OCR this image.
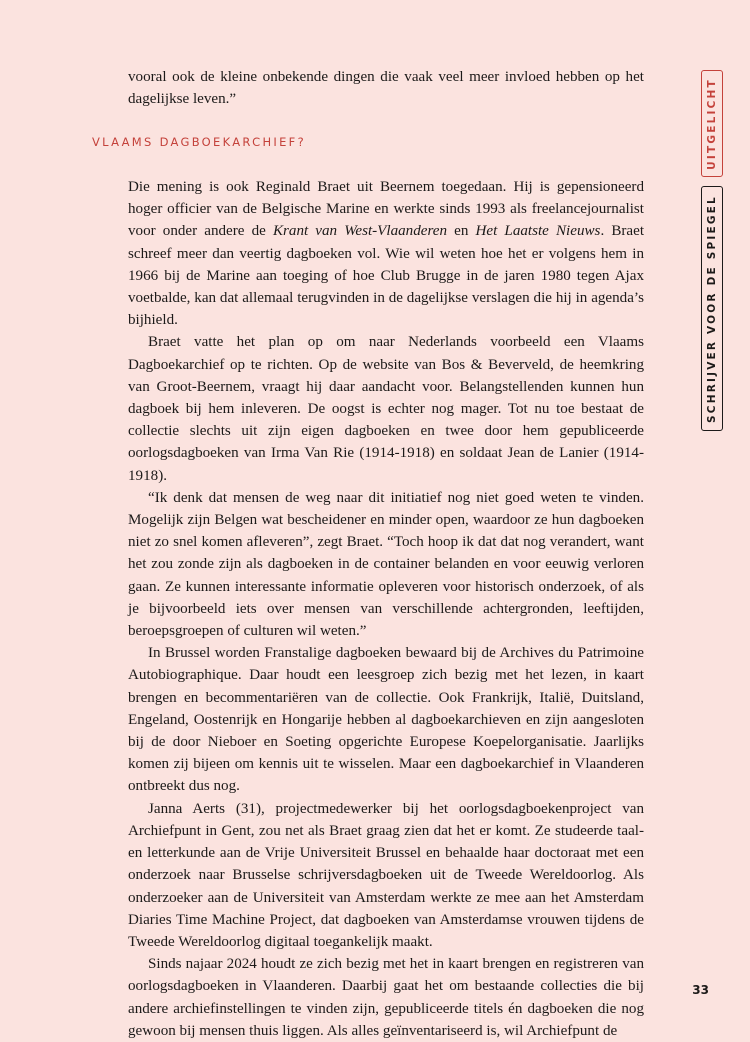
vooral ook de kleine onbekende dingen die vaak veel meer invloed hebben op het dagelijkse leven.”

VLAAMS DAGBOEKARCHIEF?

Die mening is ook Reginald Braet uit Beernem toegedaan. Hij is gepensioneerd hoger officier van de Belgische Marine en werkte sinds 1993 als freelancejournalist voor onder andere de Krant van West-Vlaanderen en Het Laatste Nieuws. Braet schreef meer dan veertig dagboeken vol. Wie wil weten hoe het er volgens hem in 1966 bij de Marine aan toeging of hoe Club Brugge in de jaren 1980 tegen Ajax voetbalde, kan dat allemaal terugvinden in de dagelijkse verslagen die hij in agenda’s bijhield.

Braet vatte het plan op om naar Nederlands voorbeeld een Vlaams Dagboekarchief op te richten. Op de website van Bos & Beverveld, de heemkring van Groot-Beernem, vraagt hij daar aandacht voor. Belangstellenden kunnen hun dagboek bij hem inleveren. De oogst is echter nog mager. Tot nu toe bestaat de collectie slechts uit zijn eigen dagboeken en twee door hem gepubliceerde oorlogsdagboeken van Irma Van Rie (1914-1918) en soldaat Jean de Lanier (1914-1918).

“Ik denk dat mensen de weg naar dit initiatief nog niet goed weten te vinden. Mogelijk zijn Belgen wat bescheidener en minder open, waardoor ze hun dagboeken niet zo snel komen afleveren”, zegt Braet. “Toch hoop ik dat dat nog verandert, want het zou zonde zijn als dagboeken in de container belanden en voor eeuwig verloren gaan. Ze kunnen interessante informatie opleveren voor historisch onderzoek, of als je bijvoorbeeld iets over mensen van verschillende achtergronden, leeftijden, beroepsgroepen of culturen wil weten.”

In Brussel worden Franstalige dagboeken bewaard bij de Archives du Patrimoine Autobiographique. Daar houdt een leesgroep zich bezig met het lezen, in kaart brengen en becommentariëren van de collectie. Ook Frankrijk, Italië, Duitsland, Engeland, Oostenrijk en Hongarije hebben al dagboekarchieven en zijn aangesloten bij de door Nieboer en Soeting opgerichte Europese Koepelorganisatie. Jaarlijks komen zij bijeen om kennis uit te wisselen. Maar een dagboekarchief in Vlaanderen ontbreekt dus nog.

Janna Aerts (31), projectmedewerker bij het oorlogsdagboekenproject van Archiefpunt in Gent, zou net als Braet graag zien dat het er komt. Ze studeerde taal- en letterkunde aan de Vrije Universiteit Brussel en behaalde haar doctoraat met een onderzoek naar Brusselse schrijversdagboeken uit de Tweede Wereldoorlog. Als onderzoeker aan de Universiteit van Amsterdam werkte ze mee aan het Amsterdam Diaries Time Machine Project, dat dagboeken van Amsterdamse vrouwen tijdens de Tweede Wereldoorlog digitaal toegankelijk maakt.

Sinds najaar 2024 houdt ze zich bezig met het in kaart brengen en registreren van oorlogsdagboeken in Vlaanderen. Daarbij gaat het om bestaande collecties die bij andere archiefinstellingen te vinden zijn, gepubliceerde titels én dagboeken die nog gewoon bij mensen thuis liggen. Als alles geïnventariseerd is, wil Archiefpunt de

UITGELICHT
SCHRIJVER VOOR DE SPIEGEL
33
